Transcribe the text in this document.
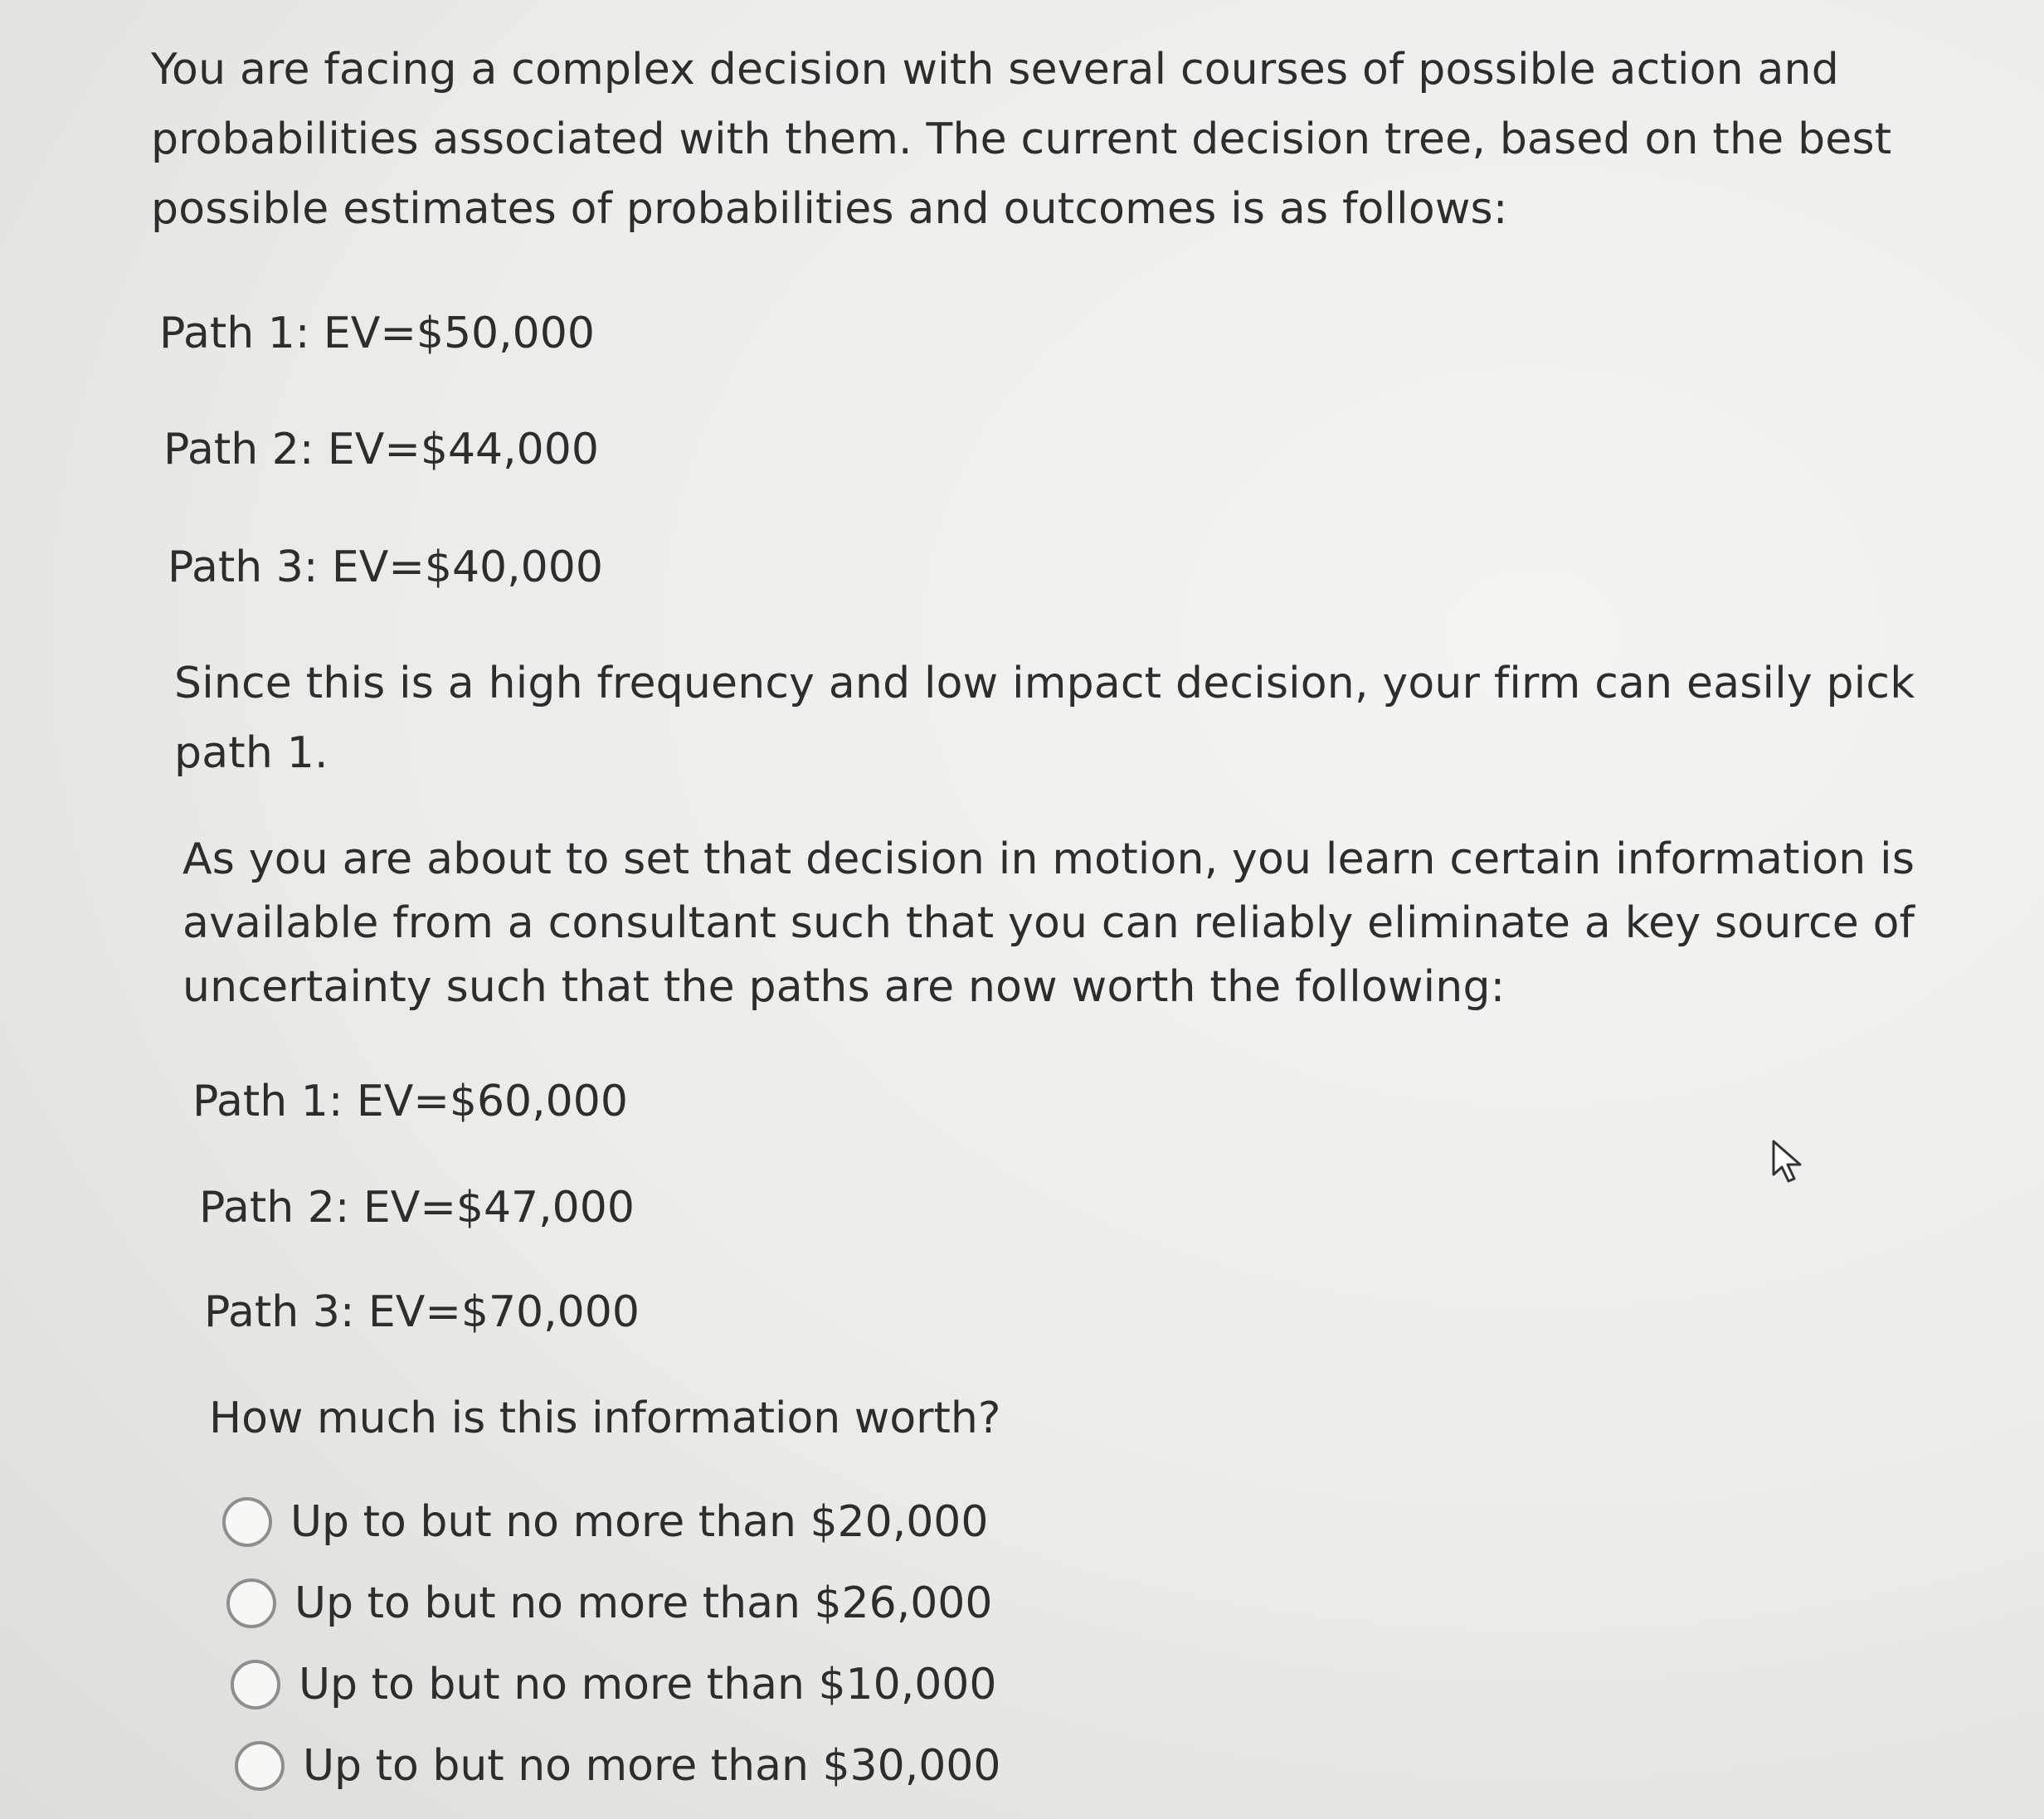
You are facing a complex decision with several courses of possible action and probabilities associated with them. The current decision tree, based on the best possible estimates of probabilities and outcomes is as follows:

Path 1: EV=$50,000

Path 2: EV=$44,000

Path 3: EV=$40,000

Since this is a high frequency and low impact decision, your firm can easily pick path 1.

As you are about to set that decision in motion, you learn certain information is available from a consultant such that you can reliably eliminate a key source of uncertainty such that the paths are now worth the following:

Path 1: EV=$60,000

Path 2: EV=$47,000

Path 3: EV=$70,000

How much is this information worth?

Up to but no more than $20,000
Up to but no more than $26,000
Up to but no more than $10,000
Up to but no more than $30,000
